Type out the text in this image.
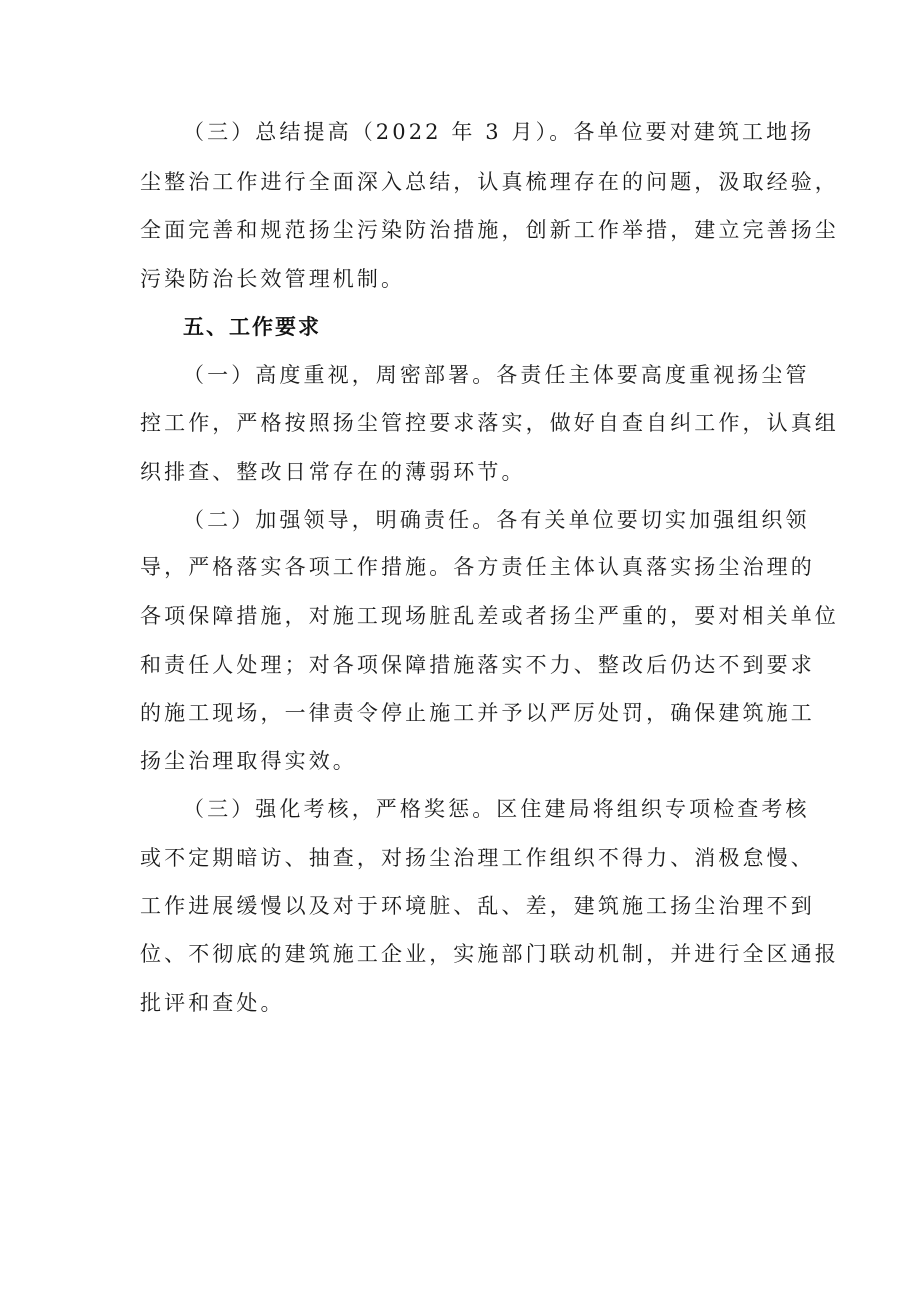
（三）总结提高（2022 年 3 月）。各单位要对建筑工地扬
尘整治工作进行全面深入总结，认真梳理存在的问题，汲取经验，
全面完善和规范扬尘污染防治措施，创新工作举措，建立完善扬尘
污染防治长效管理机制。
五、工作要求
（一）高度重视，周密部署。各责任主体要高度重视扬尘管
控工作，严格按照扬尘管控要求落实，做好自查自纠工作，认真组
织排查、整改日常存在的薄弱环节。
（二）加强领导，明确责任。各有关单位要切实加强组织领
导，严格落实各项工作措施。各方责任主体认真落实扬尘治理的
各项保障措施，对施工现场脏乱差或者扬尘严重的，要对相关单位
和责任人处理；对各项保障措施落实不力、整改后仍达不到要求
的施工现场，一律责令停止施工并予以严厉处罚，确保建筑施工
扬尘治理取得实效。
（三）强化考核，严格奖惩。区住建局将组织专项检查考核
或不定期暗访、抽查，对扬尘治理工作组织不得力、消极怠慢、
工作进展缓慢以及对于环境脏、乱、差，建筑施工扬尘治理不到
位、不彻底的建筑施工企业，实施部门联动机制，并进行全区通报
批评和查处。
